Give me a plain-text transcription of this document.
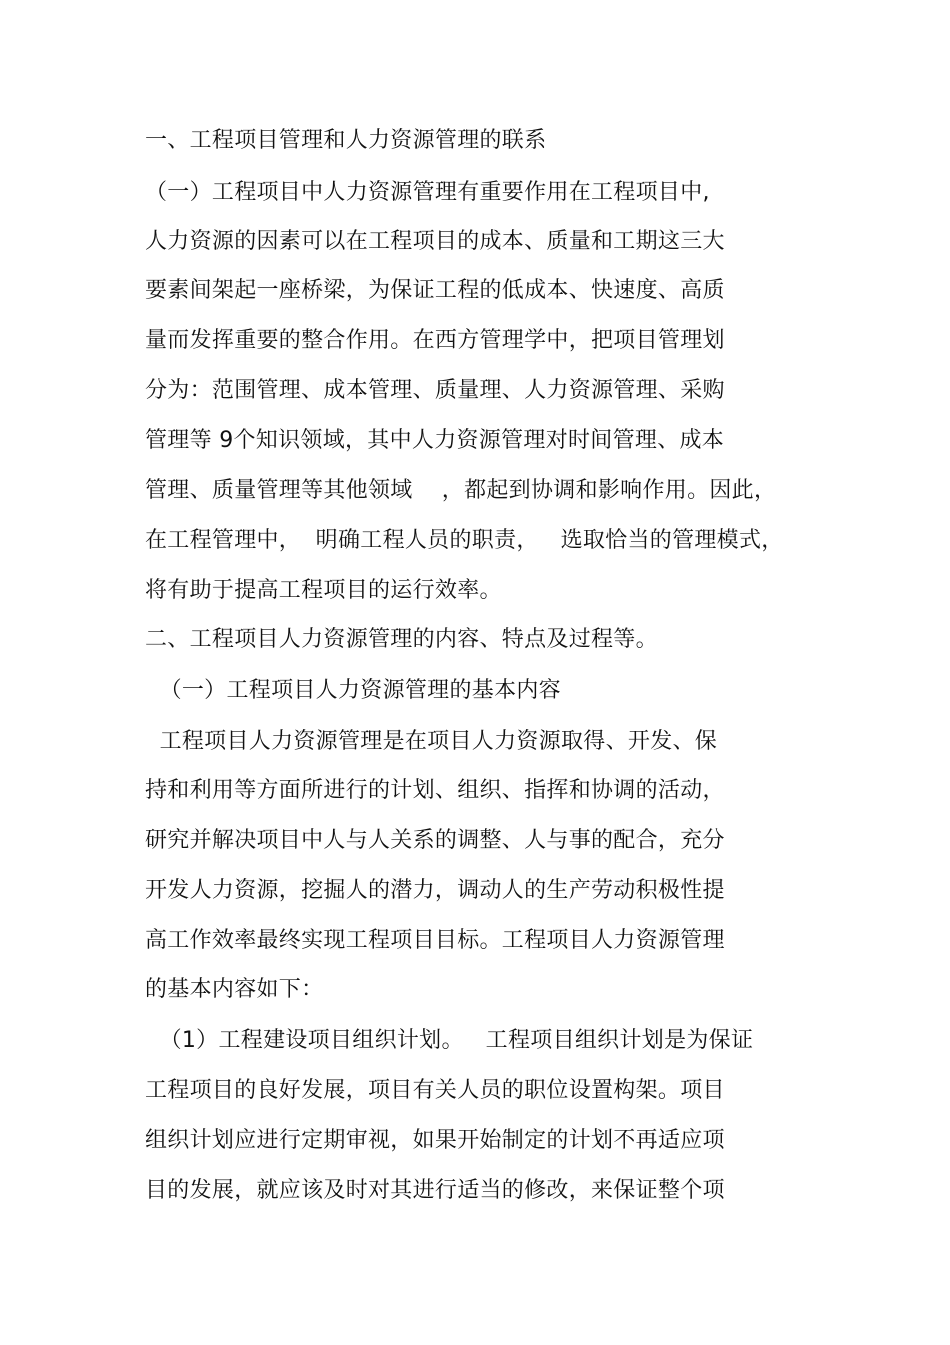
一、工程项目管理和人力资源管理的联系
（一）工程项目中人力资源管理有重要作用在工程项目中,
人力资源的因素可以在工程项目的成本、质量和工期这三大
要素间架起一座桥梁，为保证工程的低成本、快速度、高质
量而发挥重要的整合作用。在西方管理学中，把项目管理划
分为：范围管理、成本管理、质量理、人力资源管理、采购
管理等 9个知识领域，其中人力资源管理对时间管理、成本
管理、质量管理等其他领域    ，都起到协调和影响作用。因此，
在工程管理中，  明确工程人员的职责，   选取恰当的管理模式，
将有助于提高工程项目的运行效率。
二、工程项目人力资源管理的内容、特点及过程等。
（一）工程项目人力资源管理的基本内容
工程项目人力资源管理是在项目人力资源取得、开发、保
持和利用等方面所进行的计划、组织、指挥和协调的活动，
研究并解决项目中人与人关系的调整、人与事的配合，充分
开发人力资源，挖掘人的潜力，调动人的生产劳动积极性提
高工作效率最终实现工程项目目标。工程项目人力资源管理
的基本内容如下：
（1）工程建设项目组织计划。   工程项目组织计划是为保证
工程项目的良好发展，项目有关人员的职位设置构架。项目
组织计划应进行定期审视，如果开始制定的计划不再适应项
目的发展，就应该及时对其进行适当的修改，来保证整个项
